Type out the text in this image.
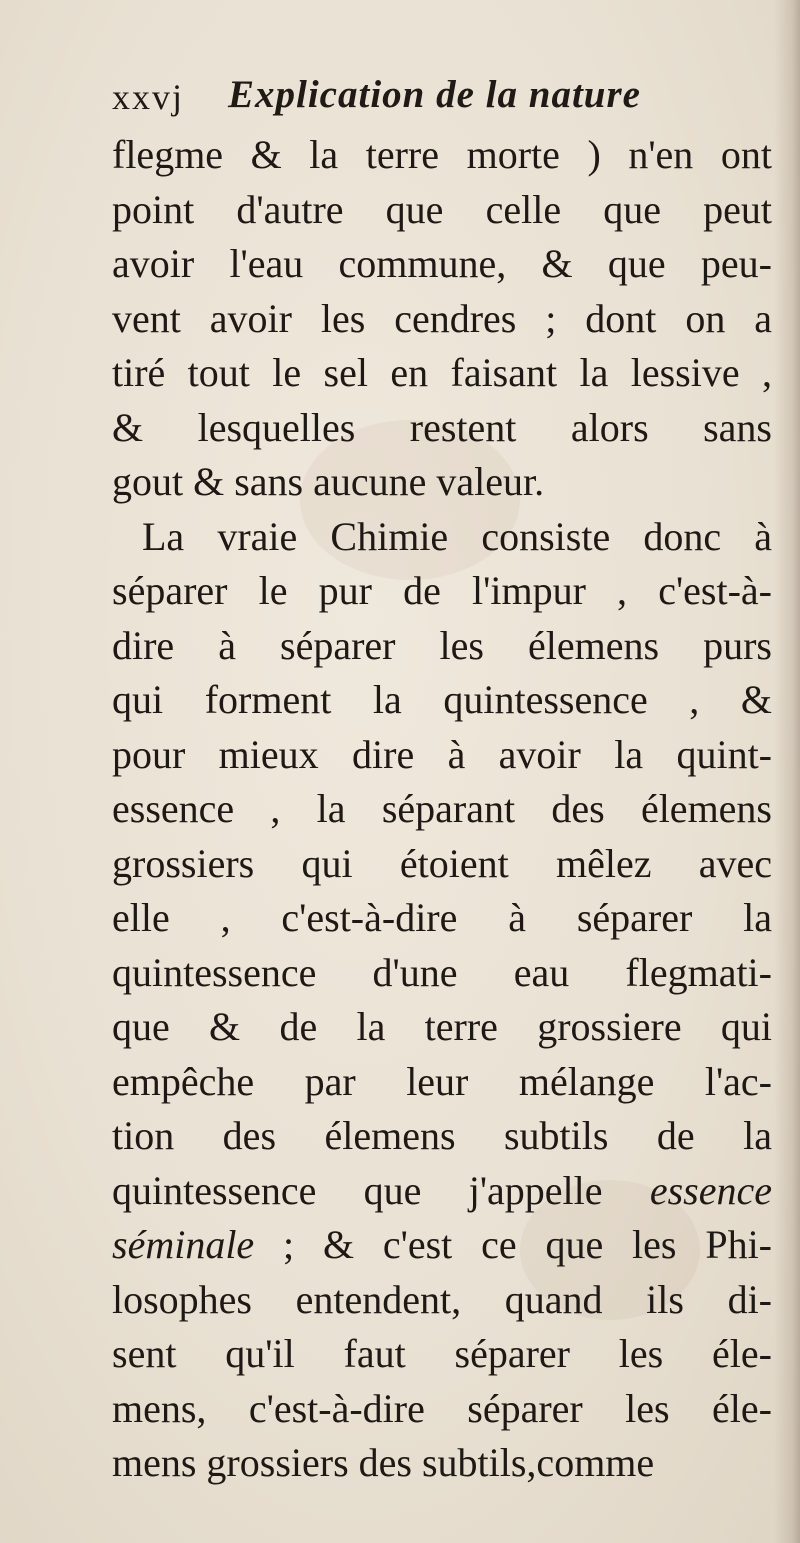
xxvj Explication de la nature
flegme & la terre morte ) n'en ont
point d'autre que celle que peut
avoir l'eau commune, & que peu-
vent avoir les cendres ; dont on a
tiré tout le sel en faisant la lessive ,
& lesquelles restent alors sans
gout & sans aucune valeur.
La vraie Chimie consiste donc à
séparer le pur de l'impur , c'est-à-
dire à séparer les élemens purs
qui forment la quintessence , &
pour mieux dire à avoir la quint-
essence , la séparant des élemens
grossiers qui étoient mêlez avec
elle , c'est-à-dire à séparer la
quintessence d'une eau flegmati-
que & de la terre grossiere qui
empêche par leur mélange l'ac-
tion des élemens subtils de la
quintessence que j'appelle essence
séminale ; & c'est ce que les Phi-
losophes entendent, quand ils di-
sent qu'il faut séparer les éle-
mens, c'est-à-dire séparer les éle-
mens grossiers des subtils,comme
